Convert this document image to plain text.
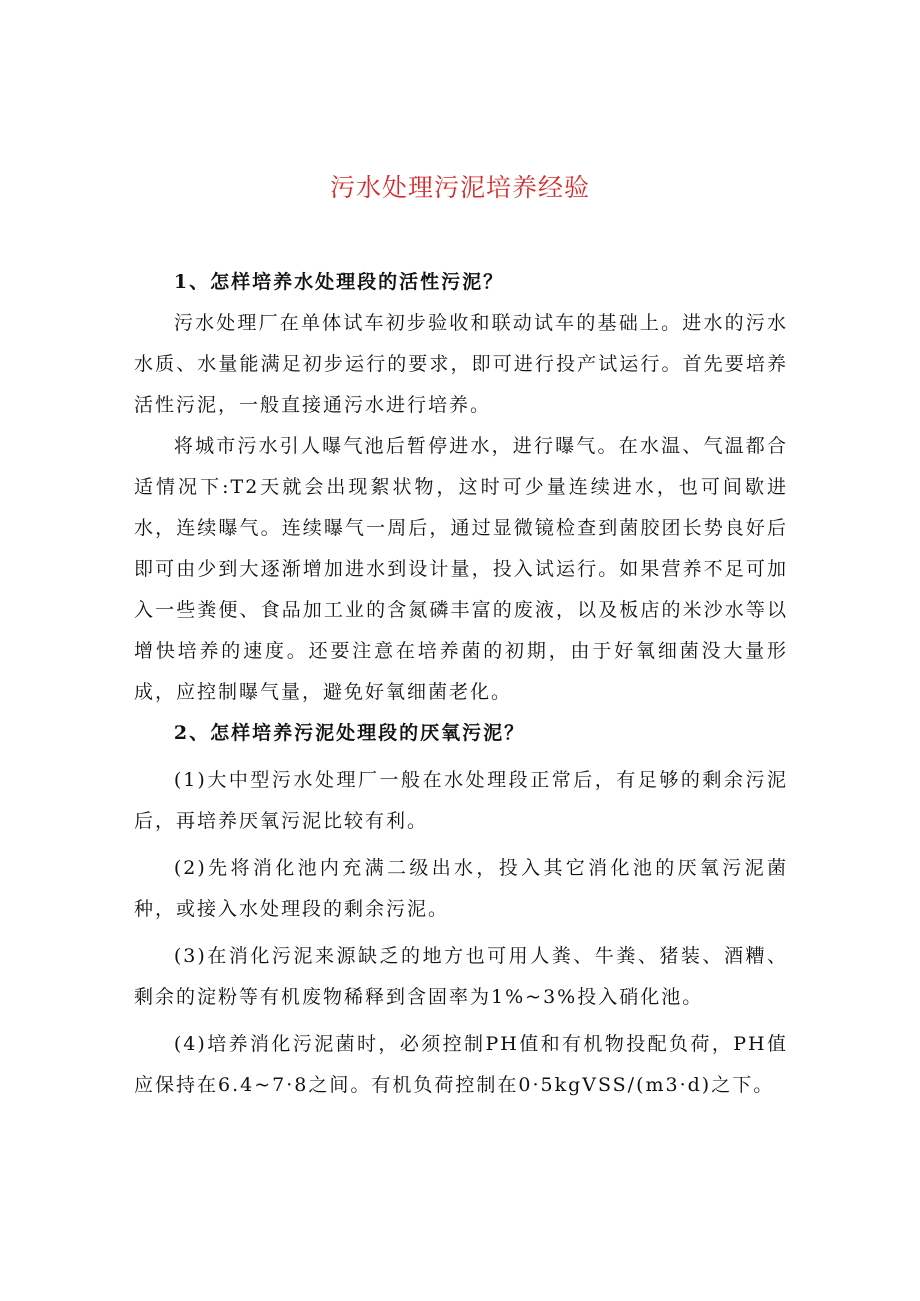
污水处理污泥培养经验

1、怎样培养水处理段的活性污泥？

污水处理厂在单体试车初步验收和联动试车的基础上。进水的污水水质、水量能满足初步运行的要求，即可进行投产试运行。首先要培养活性污泥，一般直接通污水进行培养。

将城市污水引人曝气池后暂停进水，进行曝气。在水温、气温都合适情况下:T2天就会出现絮状物，这时可少量连续进水，也可间歇进水，连续曝气。连续曝气一周后，通过显微镜检查到菌胶团长势良好后即可由少到大逐渐增加进水到设计量，投入试运行。如果营养不足可加入一些粪便、食品加工业的含氮磷丰富的废液，以及板店的米沙水等以增快培养的速度。还要注意在培养菌的初期，由于好氧细菌没大量形成，应控制曝气量，避免好氧细菌老化。

2、怎样培养污泥处理段的厌氧污泥？

(1)大中型污水处理厂一般在水处理段正常后，有足够的剩余污泥后，再培养厌氧污泥比较有利。

(2)先将消化池内充满二级出水，投入其它消化池的厌氧污泥菌种，或接入水处理段的剩余污泥。

(3)在消化污泥来源缺乏的地方也可用人粪、牛粪、猪装、酒糟、剩余的淀粉等有机废物稀释到含固率为1%~3%投入硝化池。

(4)培养消化污泥菌时，必须控制PH值和有机物投配负荷，PH值应保持在6.4~7·8之间。有机负荷控制在0·5kgVSS∕(m3·d)之下。
